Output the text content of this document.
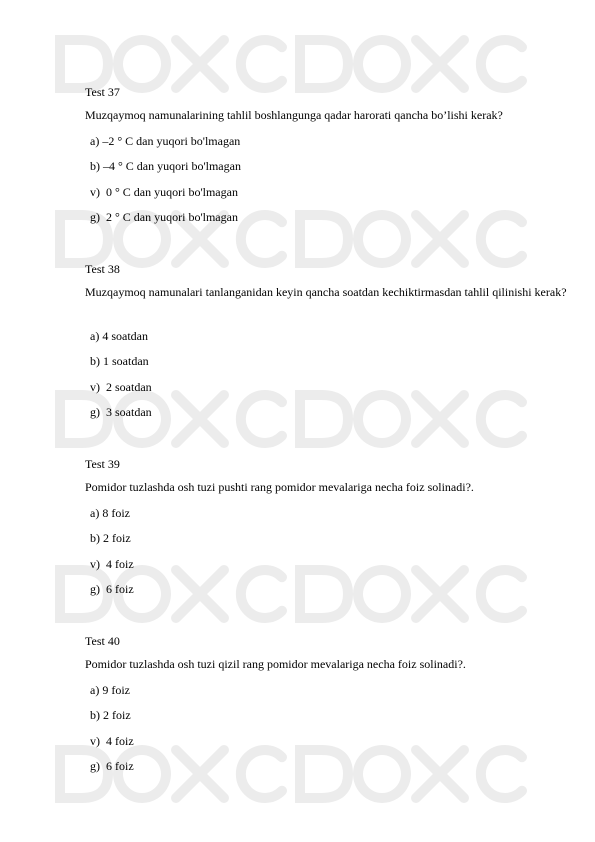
Test 37

Muzqaymoq namunalarining tahlil boshlangunga qadar harorati qancha bo’lishi kerak?

a) –2 ° C dan yuqori bo'lmagan
b) –4 ° C dan yuqori bo'lmagan
v) 0 ° C dan yuqori bo'lmagan
g) 2 ° C dan yuqori bo'lmagan

Test 38

Muzqaymoq namunalari tanlanganidan keyin qancha soatdan kechiktirmasdan tahlil qilinishi kerak?

a) 4 soatdan
b) 1 soatdan
v) 2 soatdan
g) 3 soatdan

Test 39

Pomidor tuzlashda osh tuzi pushti rang pomidor mevalariga necha foiz solinadi?.

a) 8 foiz
b) 2 foiz
v) 4 foiz
g) 6 foiz

Test 40

Pomidor tuzlashda osh tuzi qizil rang pomidor mevalariga necha foiz solinadi?.

a) 9 foiz
b) 2 foiz
v) 4 foiz
g) 6 foiz
